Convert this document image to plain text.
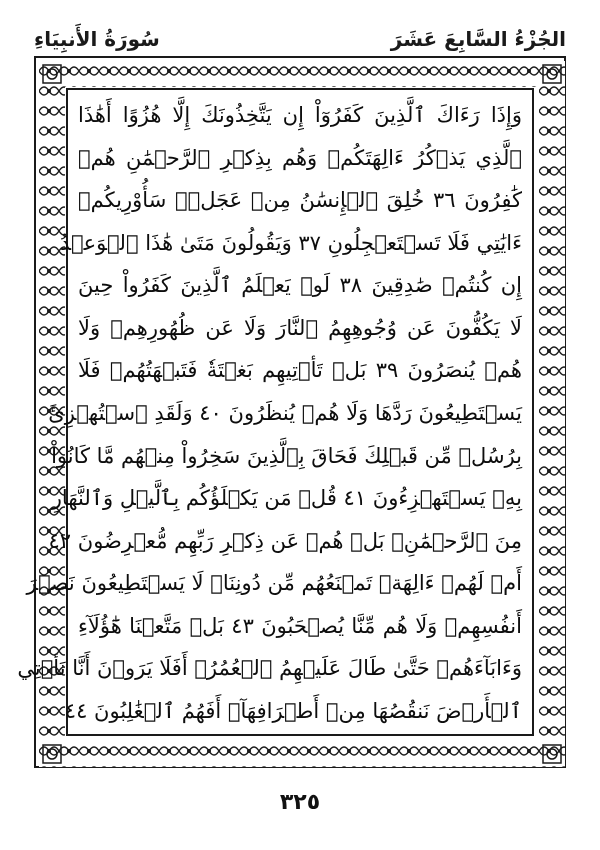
الجُزْءُ السَّابِعَ عَشَرَ
سُورَةُ الأَنبِيَاءِ
وَإِذَا رَءَاكَ ٱلَّذِينَ كَفَرُوٓاْ إِن يَتَّخِذُونَكَ إِلَّا هُزُوًا أَهَٰذَا
ٱلَّذِي يَذۡكُرُ ءَالِهَتَكُمۡ وَهُم بِذِكۡرِ ٱلرَّحۡمَٰنِ هُمۡ
كَٰفِرُونَ ٣٦ خُلِقَ ٱلۡإِنسَٰنُ مِنۡ عَجَلٖۚ سَأُوْرِيكُمۡ
ءَايَٰتِي فَلَا تَسۡتَعۡجِلُونِ ٣٧ وَيَقُولُونَ مَتَىٰ هَٰذَا ٱلۡوَعۡدُ
إِن كُنتُمۡ صَٰدِقِينَ ٣٨ لَوۡ يَعۡلَمُ ٱلَّذِينَ كَفَرُواْ حِينَ
لَا يَكُفُّونَ عَن وُجُوهِهِمُ ٱلنَّارَ وَلَا عَن ظُهُورِهِمۡ وَلَا
هُمۡ يُنصَرُونَ ٣٩ بَلۡ تَأۡتِيهِم بَغۡتَةٗ فَتَبۡهَتُهُمۡ فَلَا
يَسۡتَطِيعُونَ رَدَّهَا وَلَا هُمۡ يُنظَرُونَ ٤٠ وَلَقَدِ ٱسۡتُهۡزِئَ
بِرُسُلٖ مِّن قَبۡلِكَ فَحَاقَ بِٱلَّذِينَ سَخِرُواْ مِنۡهُم مَّا كَانُواْ
بِهِۦ يَسۡتَهۡزِءُونَ ٤١ قُلۡ مَن يَكۡلَؤُكُم بِٱلَّيۡلِ وَٱلنَّهَارِ
مِنَ ٱلرَّحۡمَٰنِۚ بَلۡ هُمۡ عَن ذِكۡرِ رَبِّهِم مُّعۡرِضُونَ ٤٢
أَمۡ لَهُمۡ ءَالِهَةٞ تَمۡنَعُهُم مِّن دُونِنَاۚ لَا يَسۡتَطِيعُونَ نَصۡرَ
أَنفُسِهِمۡ وَلَا هُم مِّنَّا يُصۡحَبُونَ ٤٣ بَلۡ مَتَّعۡنَا هَٰٓؤُلَآءِ
وَءَابَآءَهُمۡ حَتَّىٰ طَالَ عَلَيۡهِمُ ٱلۡعُمُرُۗ أَفَلَا يَرَوۡنَ أَنَّا نَأۡتِي
ٱلۡأَرۡضَ نَنقُصُهَا مِنۡ أَطۡرَافِهَآۚ أَفَهُمُ ٱلۡغَٰلِبُونَ ٤٤
٣٢٥
